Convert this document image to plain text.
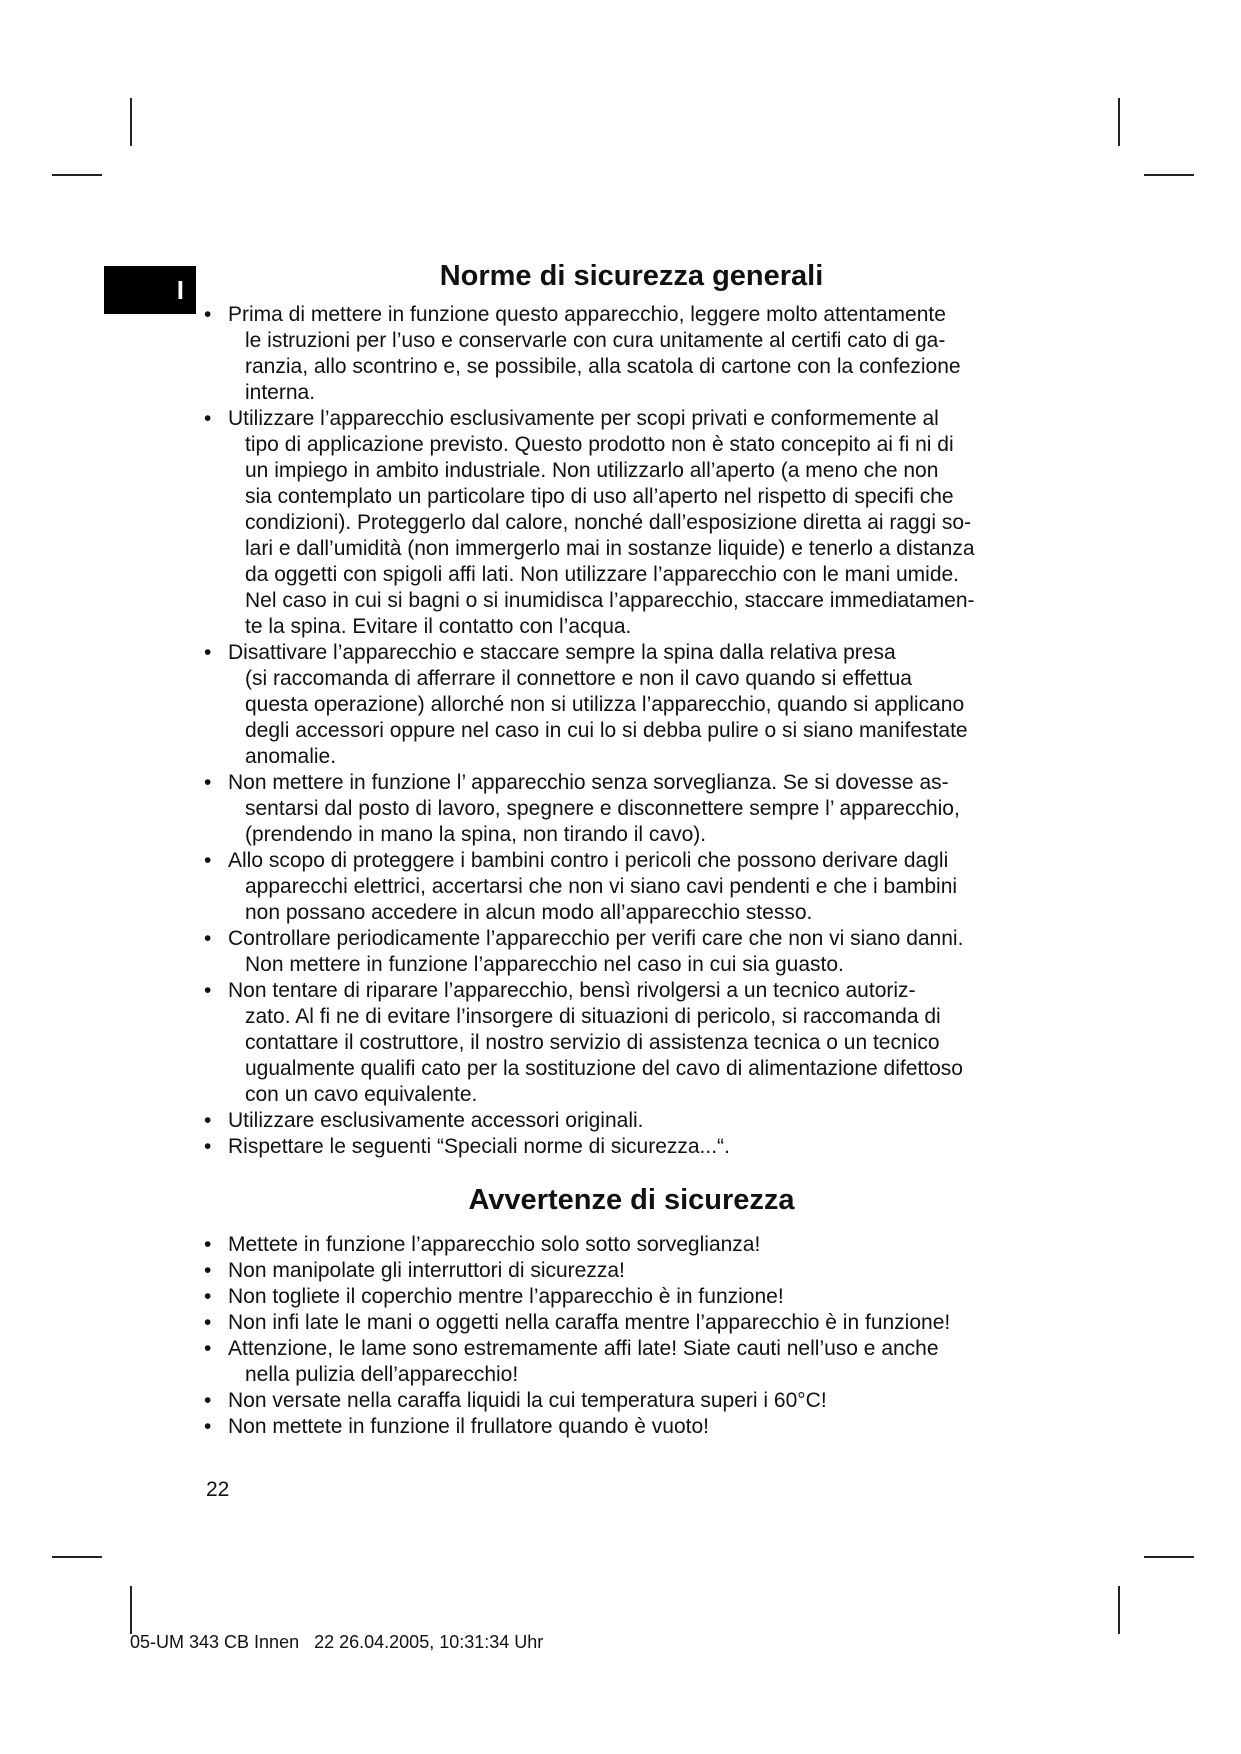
I	Norme di sicurezza generali
• Prima di mettere in funzione questo apparecchio, leggere molto attentamente
le istruzioni per l’uso e conservarle con cura unitamente al certifi cato di ga-
ranzia, allo scontrino e, se possibile, alla scatola di cartone con la confezione
interna.
• Utilizzare l’apparecchio esclusivamente per scopi privati e conformemente al
tipo di applicazione previsto. Questo prodotto non è stato concepito ai fi ni di
un impiego in ambito industriale. Non utilizzarlo all’aperto (a meno che non
sia contemplato un particolare tipo di uso all’aperto nel rispetto di specifi che
condizioni). Proteggerlo dal calore, nonché dall’esposizione diretta ai raggi so-
lari e dall’umidità (non immergerlo mai in sostanze liquide) e tenerlo a distanza
da oggetti con spigoli affi lati. Non utilizzare l’apparecchio con le mani umide.
Nel caso in cui si bagni o si inumidisca l’apparecchio, staccare immediatamen-
te la spina. Evitare il contatto con l’acqua.
• Disattivare l’apparecchio e staccare sempre la spina dalla relativa presa
(si raccomanda di afferrare il connettore e non il cavo quando si effettua
questa operazione) allorché non si utilizza l’apparecchio, quando si applicano
degli accessori oppure nel caso in cui lo si debba pulire o si siano manifestate
anomalie.
• Non mettere in funzione l’ apparecchio senza sorveglianza. Se si dovesse as-
sentarsi dal posto di lavoro, spegnere e disconnettere sempre l’ apparecchio,
(prendendo in mano la spina, non tirando il cavo).
• Allo scopo di proteggere i bambini contro i pericoli che possono derivare dagli
apparecchi elettrici, accertarsi che non vi siano cavi pendenti e che i bambini
non possano accedere in alcun modo all’apparecchio stesso.
• Controllare periodicamente l’apparecchio per verifi care che non vi siano danni.
Non mettere in funzione l’apparecchio nel caso in cui sia guasto.
• Non tentare di riparare l’apparecchio, bensì rivolgersi a un tecnico autoriz-
zato. Al fi ne di evitare l’insorgere di situazioni di pericolo, si raccomanda di
contattare il costruttore, il nostro servizio di assistenza tecnica o un tecnico
ugualmente qualifi cato per la sostituzione del cavo di alimentazione difettoso
con un cavo equivalente.
• Utilizzare esclusivamente accessori originali.
• Rispettare le seguenti “Speciali norme di sicurezza...“.
Avvertenze di sicurezza
• Mettete in funzione l’apparecchio solo sotto sorveglianza!
• Non manipolate gli interruttori di sicurezza!
• Non togliete il coperchio mentre l’apparecchio è in funzione!
• Non infi late le mani o oggetti nella caraffa mentre l’apparecchio è in funzione!
• Attenzione, le lame sono estremamente affi late! Siate cauti nell’uso e anche
nella pulizia dell’apparecchio!
• Non versate nella caraffa liquidi la cui temperatura superi i 60°C!
• Non mettete in funzione il frullatore quando è vuoto!
22
05-UM 343 CB Innen   22 26.04.2005, 10:31:34 Uhr
